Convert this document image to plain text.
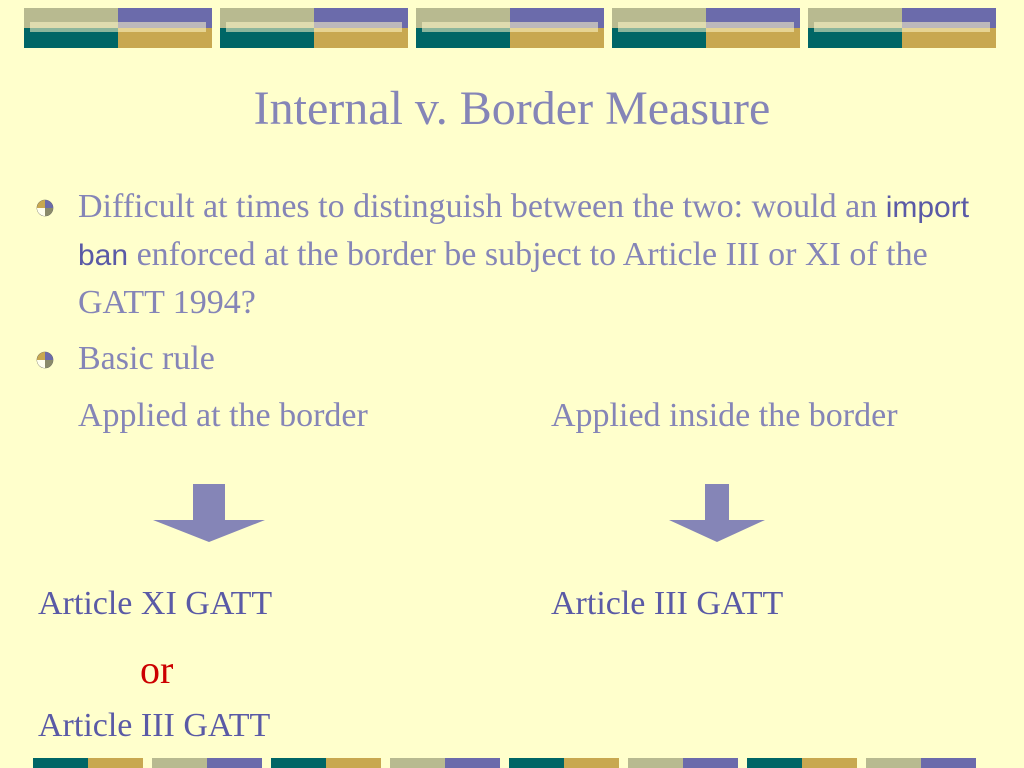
Internal v. Border Measure
Difficult at times to distinguish between the two: would an import ban enforced at the border be subject to Article III or XI of the GATT 1994?
Basic rule
Applied at the border	Applied inside the border
Article XI GATT
or
Article III GATT
Article III GATT
